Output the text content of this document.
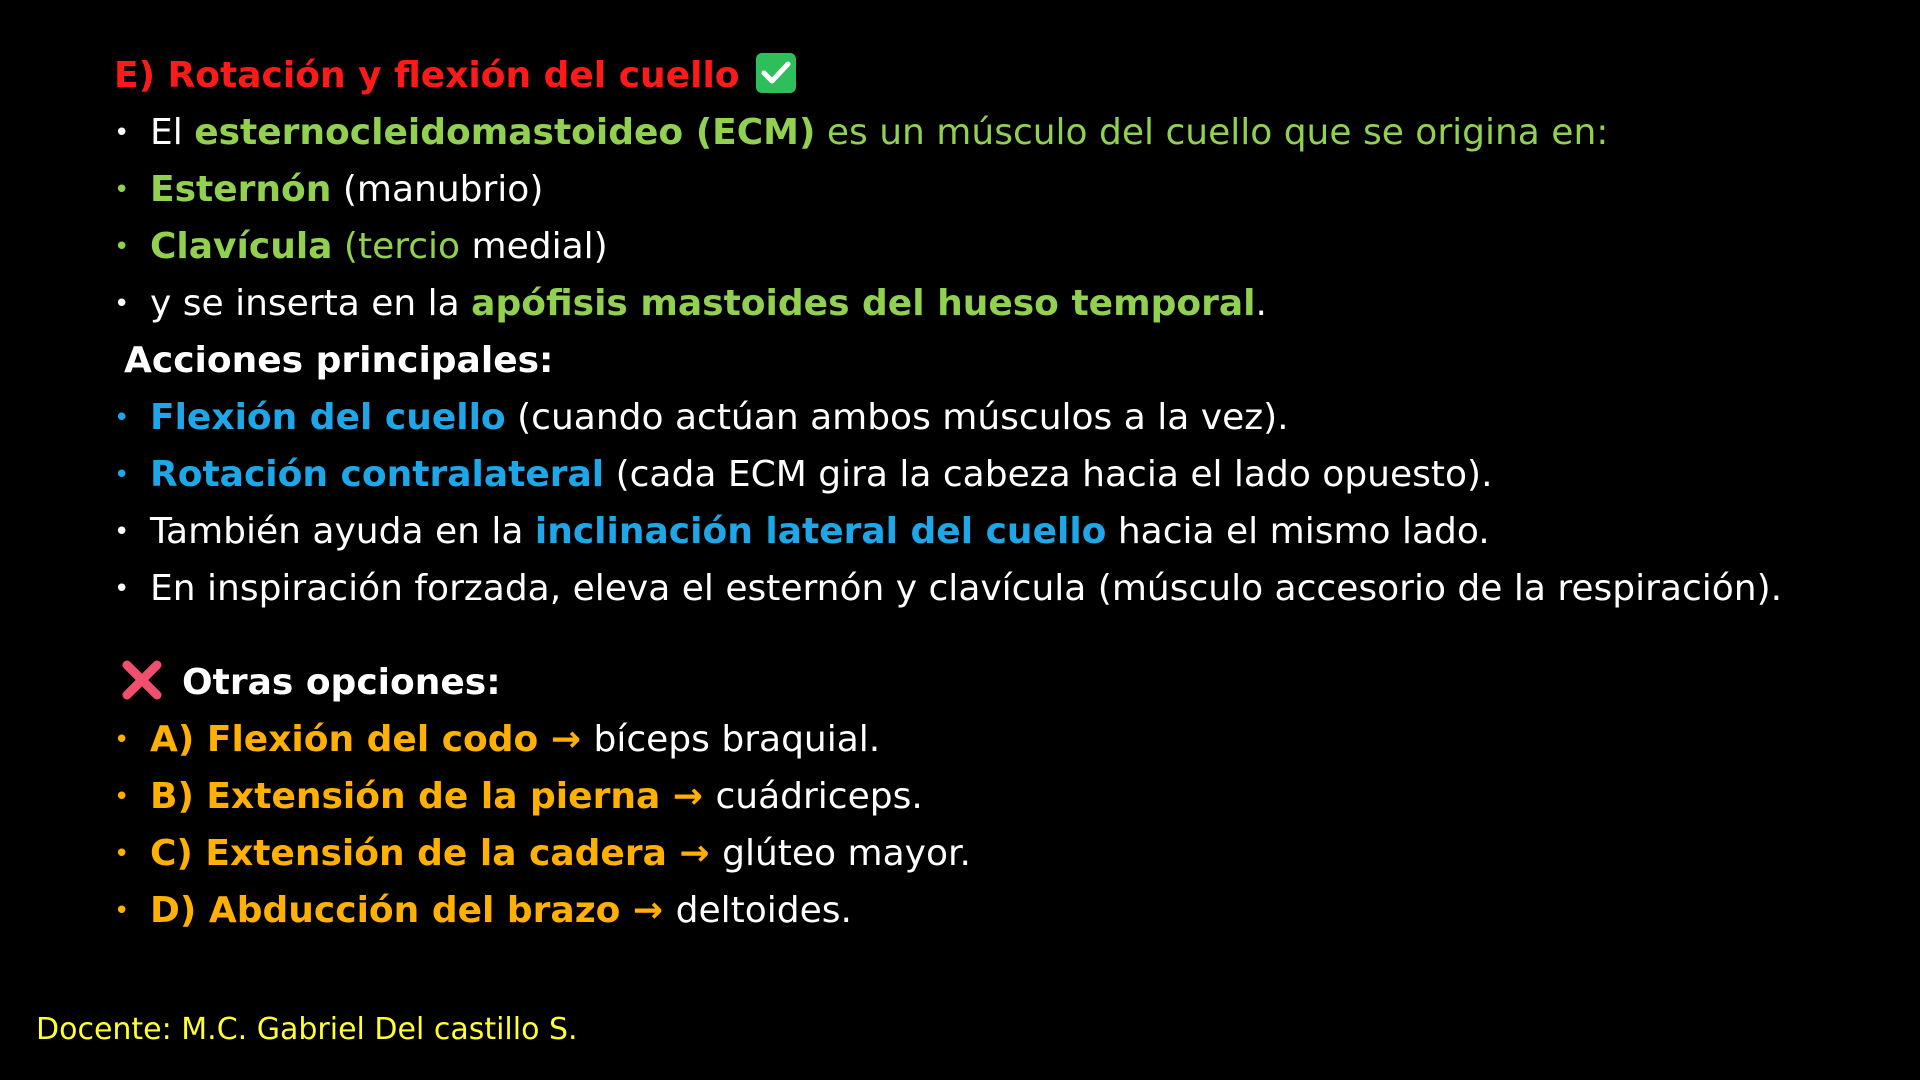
E) Rotación y flexión del cuello
• El esternocleidomastoideo (ECM) es un músculo del cuello que se origina en:
• Esternón (manubrio)
• Clavícula (tercio medial)
• y se inserta en la apófisis mastoides del hueso temporal.
Acciones principales:
• Flexión del cuello (cuando actúan ambos músculos a la vez).
• Rotación contralateral (cada ECM gira la cabeza hacia el lado opuesto).
• También ayuda en la inclinación lateral del cuello hacia el mismo lado.
• En inspiración forzada, eleva el esternón y clavícula (músculo accesorio de la respiración).
Otras opciones:
• A) Flexión del codo → bíceps braquial.
• B) Extensión de la pierna → cuádriceps.
• C) Extensión de la cadera → glúteo mayor.
• D) Abducción del brazo → deltoides.
Docente: M.C. Gabriel Del castillo S.
